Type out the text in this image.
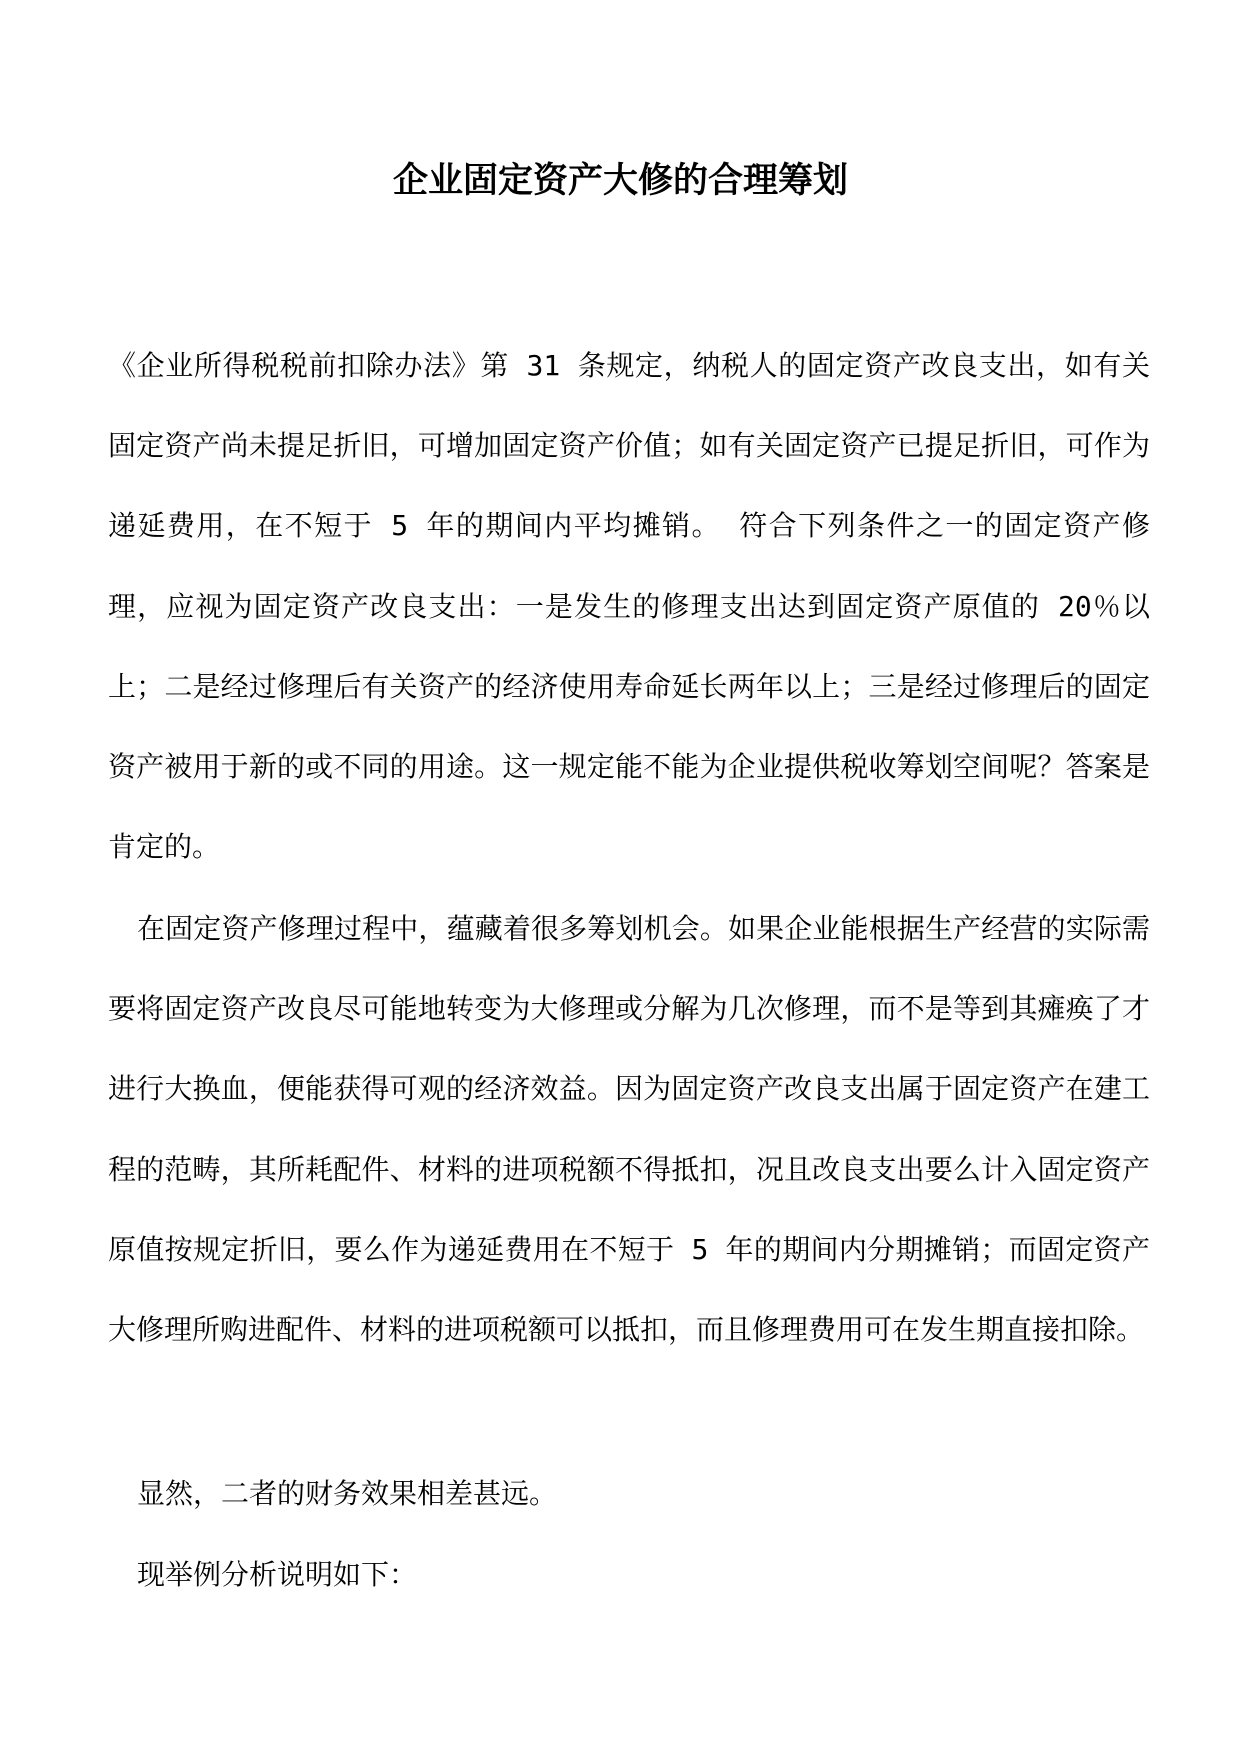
企业固定资产大修的合理筹划

《企业所得税税前扣除办法》第 31 条规定，纳税人的固定资产改良支出，如有关固定资产尚未提足折旧，可增加固定资产价值；如有关固定资产已提足折旧，可作为递延费用，在不短于 5 年的期间内平均摊销。 符合下列条件之一的固定资产修理，应视为固定资产改良支出：一是发生的修理支出达到固定资产原值的 20％以上；二是经过修理后有关资产的经济使用寿命延长两年以上；三是经过修理后的固定资产被用于新的或不同的用途。这一规定能不能为企业提供税收筹划空间呢？答案是肯定的。

在固定资产修理过程中，蕴藏着很多筹划机会。如果企业能根据生产经营的实际需要将固定资产改良尽可能地转变为大修理或分解为几次修理，而不是等到其瘫痪了才进行大换血，便能获得可观的经济效益。因为固定资产改良支出属于固定资产在建工程的范畴，其所耗配件、材料的进项税额不得抵扣，况且改良支出要么计入固定资产原值按规定折旧，要么作为递延费用在不短于 5 年的期间内分期摊销；而固定资产大修理所购进配件、材料的进项税额可以抵扣，而且修理费用可在发生期直接扣除。

显然，二者的财务效果相差甚远。

现举例分析说明如下：
